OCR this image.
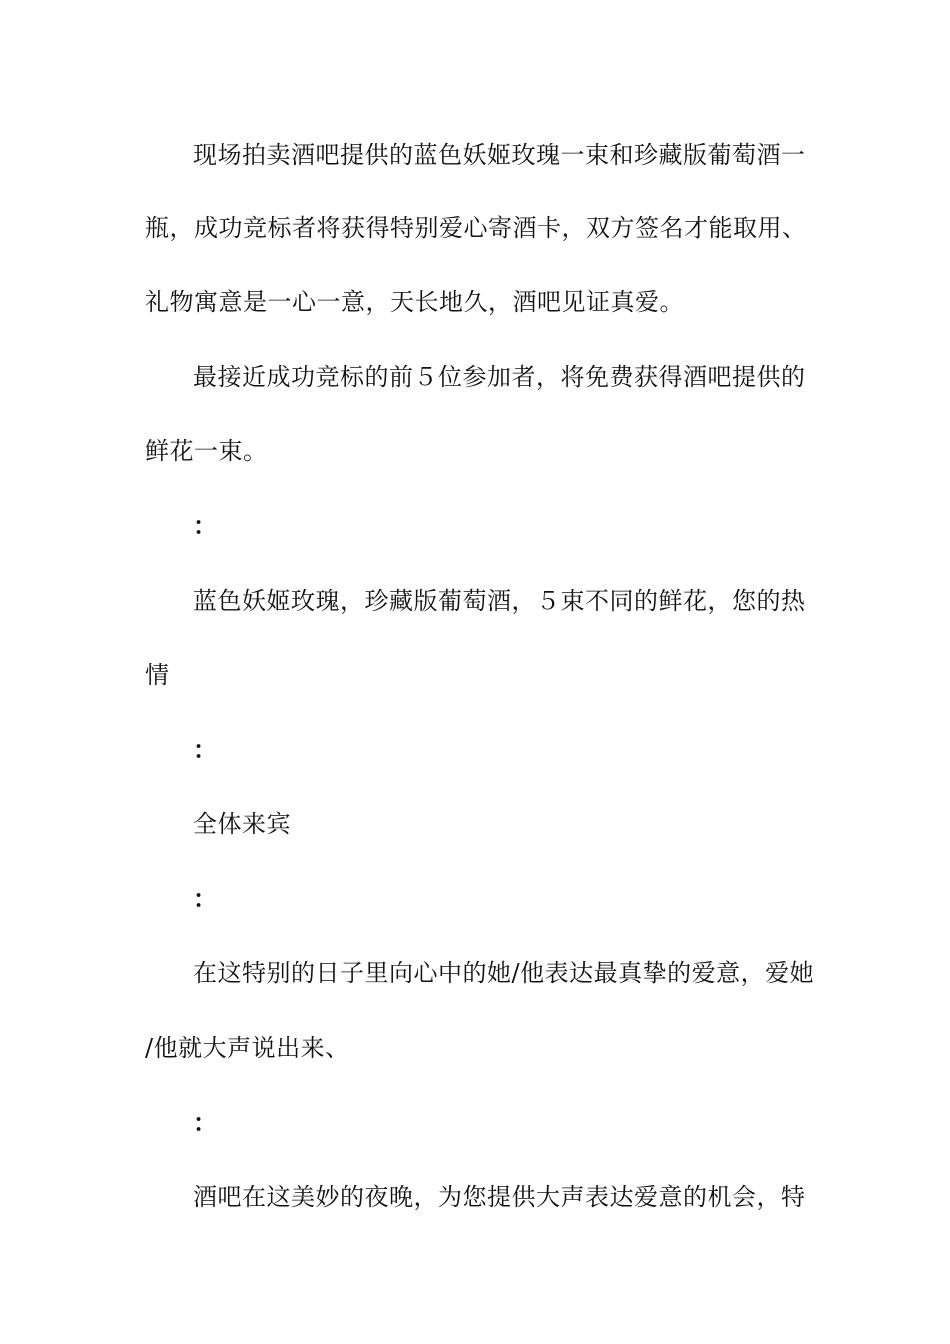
现场拍卖酒吧提供的蓝色妖姬玫瑰一束和珍藏版葡萄酒一
瓶，成功竞标者将获得特别爱心寄酒卡，双方签名才能取用、
礼物寓意是一心一意，天长地久，酒吧见证真爱。
最接近成功竞标的前５位参加者，将免费获得酒吧提供的
鲜花一束。
：
蓝色妖姬玫瑰，珍藏版葡萄酒，５束不同的鲜花，您的热
情
：
全体来宾
：
在这特别的日子里向心中的她/他表达最真挚的爱意，爱她
/他就大声说出来、
：
酒吧在这美妙的夜晚，为您提供大声表达爱意的机会，特
